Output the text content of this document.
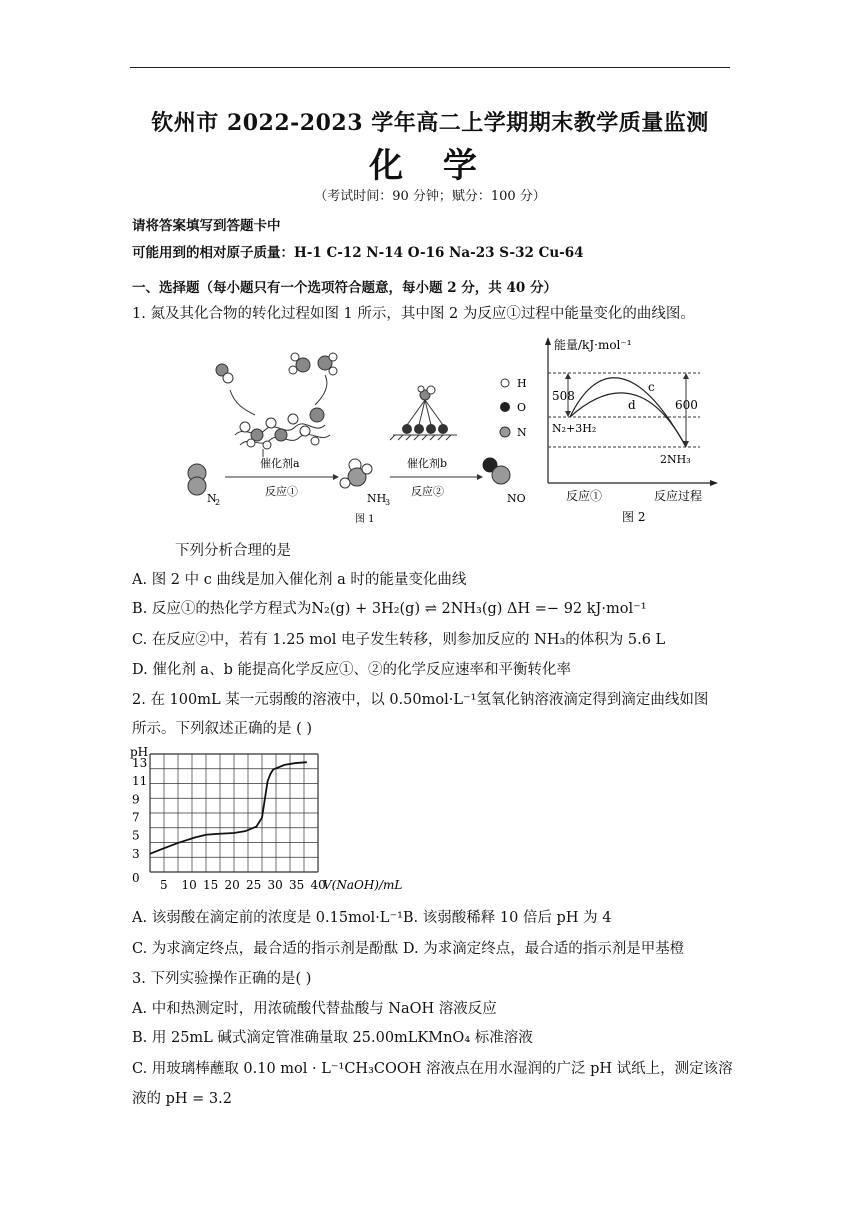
钦州市 2022-2023 学年高二上学期期末教学质量监测
化 学
（考试时间：90 分钟；赋分：100 分）
请将答案填写到答题卡中
可能用到的相对原子质量：H-1 C-12 N-14 O-16 Na-23 S-32 Cu-64
一、选择题（每小题只有一个选项符合题意，每小题 2 分，共 40 分）
1. 氮及其化合物的转化过程如图 1 所示，其中图 2 为反应①过程中能量变化的曲线图。
N
2
催化剂a
反应①
NH
3
催化剂b
反应②
NO
H
O
N
图 1
能量/kJ·mol⁻¹
508
600
c
d
N₂+3H₂
2NH₃
反应①	反应过程
图 2
下列分析合理的是
A. 图 2 中 c 曲线是加入催化剂 a 时的能量变化曲线
B. 反应①的热化学方程式为N₂(g) + 3H₂(g) ⇌ 2NH₃(g) ΔH =− 92 kJ·mol⁻¹
C. 在反应②中，若有 1.25 mol 电子发生转移，则参加反应的 NH₃的体积为 5.6 L
D. 催化剂 a、b 能提高化学反应①、②的化学反应速率和平衡转化率
2. 在 100mL 某一元弱酸的溶液中，以 0.50mol·L⁻¹氢氧化钠溶液滴定得到滴定曲线如图
所示。下列叙述正确的是 ( )
0
3
5
7
9
11
13
5 10 15 20 25 30 35 40
pH
V(NaOH)/mL
A. 该弱酸在滴定前的浓度是 0.15mol·L⁻¹B. 该弱酸稀释 10 倍后 pH 为 4
C. 为求滴定终点，最合适的指示剂是酚酞 D. 为求滴定终点，最合适的指示剂是甲基橙
3. 下列实验操作正确的是( )
A. 中和热测定时，用浓硫酸代替盐酸与 NaOH 溶液反应
B. 用 25mL 碱式滴定管准确量取 25.00mLKMnO₄ 标准溶液
C. 用玻璃棒蘸取 0.10 mol · L⁻¹CH₃COOH 溶液点在用水湿润的广泛 pH 试纸上，测定该溶
液的 pH = 3.2
